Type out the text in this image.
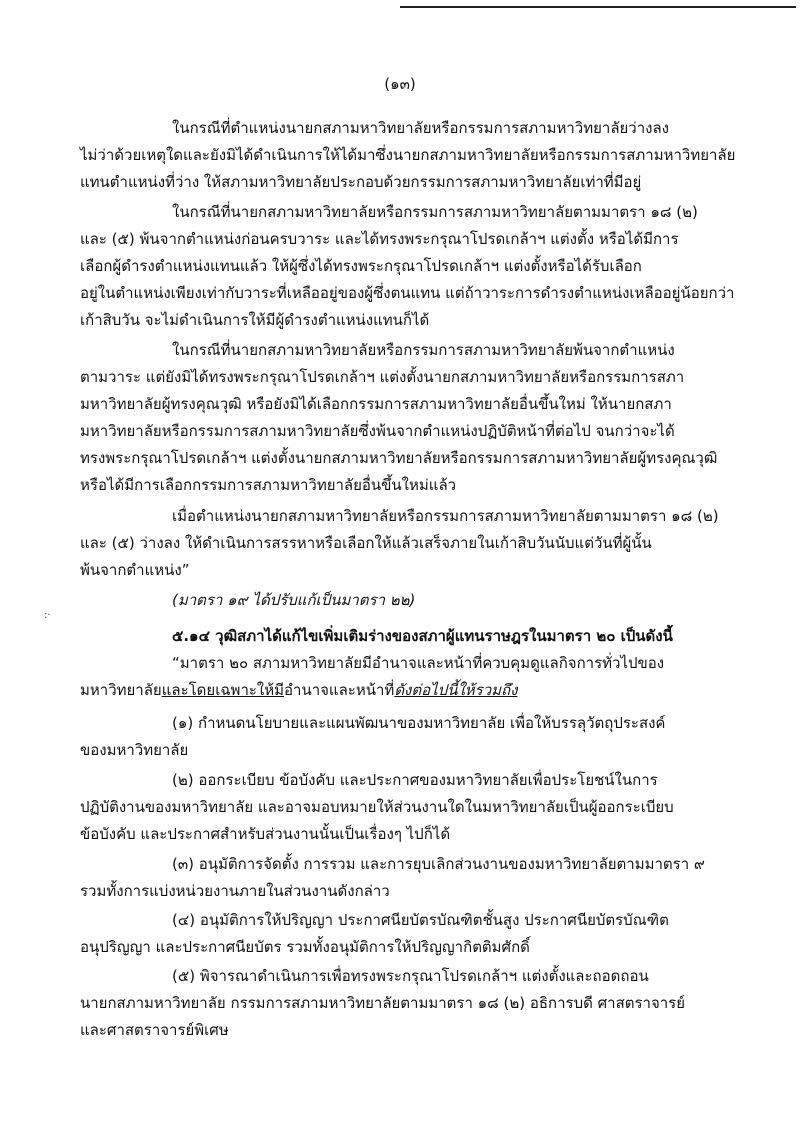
(๑๓)
ในกรณีที่ตำแหน่งนายกสภามหาวิทยาลัยหรือกรรมการสภามหาวิทยาลัยว่างลง
ไม่ว่าด้วยเหตุใดและยังมิได้ดำเนินการให้ได้มาซึ่งนายกสภามหาวิทยาลัยหรือกรรมการสภามหาวิทยาลัย
แทนตำแหน่งที่ว่าง ให้สภามหาวิทยาลัยประกอบด้วยกรรมการสภามหาวิทยาลัยเท่าที่มีอยู่
ในกรณีที่นายกสภามหาวิทยาลัยหรือกรรมการสภามหาวิทยาลัยตามมาตรา ๑๘ (๒)
และ (๕) พ้นจากตำแหน่งก่อนครบวาระ และได้ทรงพระกรุณาโปรดเกล้าฯ แต่งตั้ง หรือได้มีการ
เลือกผู้ดำรงตำแหน่งแทนแล้ว ให้ผู้ซึ่งได้ทรงพระกรุณาโปรดเกล้าฯ แต่งตั้งหรือได้รับเลือก
อยู่ในตำแหน่งเพียงเท่ากับวาระที่เหลืออยู่ของผู้ซึ่งตนแทน แต่ถ้าวาระการดำรงตำแหน่งเหลืออยู่น้อยกว่า
เก้าสิบวัน จะไม่ดำเนินการให้มีผู้ดำรงตำแหน่งแทนก็ได้
ในกรณีที่นายกสภามหาวิทยาลัยหรือกรรมการสภามหาวิทยาลัยพ้นจากตำแหน่ง
ตามวาระ แต่ยังมิได้ทรงพระกรุณาโปรดเกล้าฯ แต่งตั้งนายกสภามหาวิทยาลัยหรือกรรมการสภา
มหาวิทยาลัยผู้ทรงคุณวุฒิ หรือยังมิได้เลือกกรรมการสภามหาวิทยาลัยอื่นขึ้นใหม่ ให้นายกสภา
มหาวิทยาลัยหรือกรรมการสภามหาวิทยาลัยซึ่งพ้นจากตำแหน่งปฏิบัติหน้าที่ต่อไป จนกว่าจะได้
ทรงพระกรุณาโปรดเกล้าฯ แต่งตั้งนายกสภามหาวิทยาลัยหรือกรรมการสภามหาวิทยาลัยผู้ทรงคุณวุฒิ
หรือได้มีการเลือกกรรมการสภามหาวิทยาลัยอื่นขึ้นใหม่แล้ว
เมื่อตำแหน่งนายกสภามหาวิทยาลัยหรือกรรมการสภามหาวิทยาลัยตามมาตรา ๑๘ (๒)
และ (๕) ว่างลง ให้ดำเนินการสรรหาหรือเลือกให้แล้วเสร็จภายในเก้าสิบวันนับแต่วันที่ผู้นั้น
พ้นจากตำแหน่ง”
(มาตรา ๑๙ ได้ปรับแก้เป็นมาตรา ๒๒)
:·
๕.๑๔ วุฒิสภาได้แก้ไขเพิ่มเติมร่างของสภาผู้แทนราษฎรในมาตรา ๒๐ เป็นดังนี้
“มาตรา ๒๐ สภามหาวิทยาลัยมีอำนาจและหน้าที่ควบคุมดูแลกิจการทั่วไปของ
มหาวิทยาลัยและโดยเฉพาะให้มีอำนาจและหน้าที่ดังต่อไปนี้ให้รวมถึง
(๑) กำหนดนโยบายและแผนพัฒนาของมหาวิทยาลัย เพื่อให้บรรลุวัตถุประสงค์
ของมหาวิทยาลัย
(๒) ออกระเบียบ ข้อบังคับ และประกาศของมหาวิทยาลัยเพื่อประโยชน์ในการ
ปฏิบัติงานของมหาวิทยาลัย และอาจมอบหมายให้ส่วนงานใดในมหาวิทยาลัยเป็นผู้ออกระเบียบ
ข้อบังคับ และประกาศสำหรับส่วนงานนั้นเป็นเรื่องๆ ไปก็ได้
(๓) อนุมัติการจัดตั้ง การรวม และการยุบเลิกส่วนงานของมหาวิทยาลัยตามมาตรา ๙
รวมทั้งการแบ่งหน่วยงานภายในส่วนงานดังกล่าว
(๔) อนุมัติการให้ปริญญา ประกาศนียบัตรบัณฑิตชั้นสูง ประกาศนียบัตรบัณฑิต
อนุปริญญา และประกาศนียบัตร รวมทั้งอนุมัติการให้ปริญญากิตติมศักดิ์
(๕) พิจารณาดำเนินการเพื่อทรงพระกรุณาโปรดเกล้าฯ แต่งตั้งและถอดถอน
นายกสภามหาวิทยาลัย กรรมการสภามหาวิทยาลัยตามมาตรา ๑๘ (๒) อธิการบดี ศาสตราจารย์
และศาสตราจารย์พิเศษ
